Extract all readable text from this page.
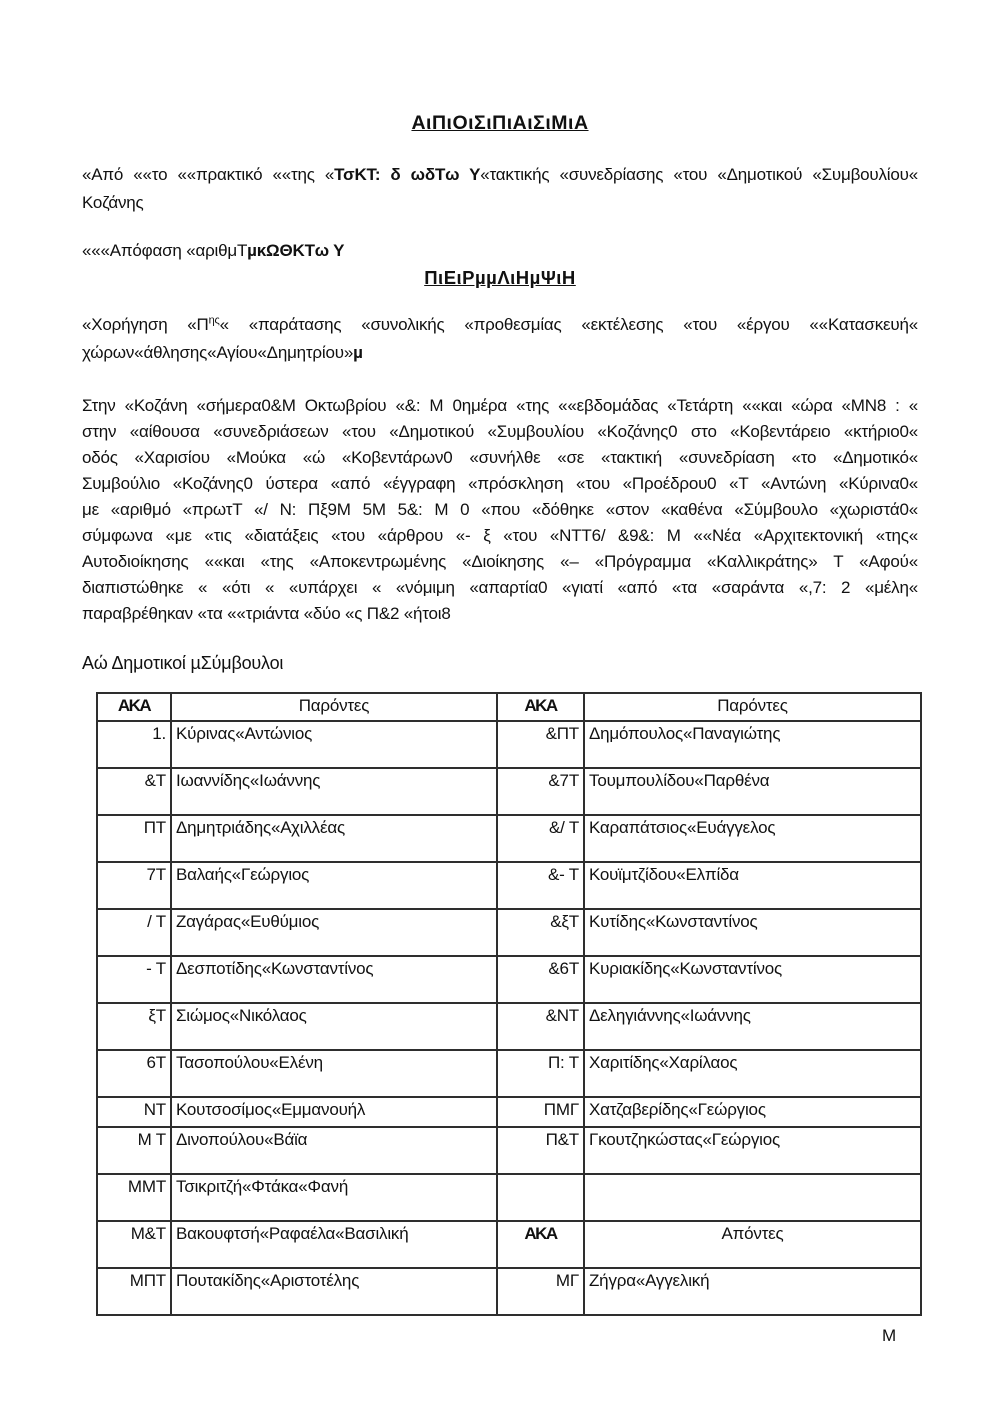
ΑιΠιΟιΣιΠιΑιΣιΜιΑ
«Από ««το ««πρακτικό ««της «ΤσΚΤ: δ ωδΤω Υ«τακτικής «συνεδρίασης «του «Δημοτικού «Συμβουλίου«
Κοζάνης
«««Απόφαση «αριθμΤµκΩΘΚΤω Υ
ΠιΕιΡµµΛιΗµΨιΗ
«Χορήγηση «$\Pi^{\eta\varsigma}«$ «παράτασης «συνολικής «προθεσμίας «εκτέλεσης «του «έργου ««Κατασκευή«
χώρων«άθλησης«Αγίου«Δημητρίου»µ
Στην «Κοζάνη «σήμερα0&Μ Οκτωβρίου «&: Μ 0ημέρα «της ««εβδομάδας «Τετάρτη ««και «ώρα «ΜΝ8 : «
στην «αίθουσα «συνεδριάσεων «του «Δημοτικού «Συμβουλίου «Κοζάνης0 στο «Κοβεντάρειο «κτήριο0«
οδός «Χαρισίου «Μούκα «ώ «Κοβεντάρων0 «συνήλθε «σε «τακτική «συνεδρίαση «το «Δημοτικό«
Συμβούλιο «Κοζάνης0 ύστερα «από «έγγραφη «πρόσκληση «του «Προέδρου0 «Τ «Αντώνη «Κύρινα0«
με «αριθμό «πρωτΤ «/ Ν: Πξ9Μ 5Μ 5&: Μ 0 «που «δόθηκε «στον «καθένα «Σύμβουλο «χωριστά0«
σύμφωνα «με «τις «διατάξεις «του «άρθρου «- ξ «του «ΝΤΤ6/ &9&: Μ ««Νέα «Αρχιτεκτονική «της«
Αυτοδιοίκησης ««και «της «Αποκεντρωμένης «Διοίκησης «– «Πρόγραμμα «Καλλικράτης» Τ «Αφού«
διαπιστώθηκε « «ότι « «υπάρχει « «νόμιμη «απαρτία0 «γιατί «από «τα «σαράντα «,7: 2 «μέλη«
παραβρέθηκαν «τα ««τριάντα «δύο «ς Π&2 «ήτοι8
Αώ Δημοτικοί µΣύμβουλοι
ΑΚΑ	Παρόντες	ΑΚΑ	Παρόντες
1.	Κύρινας«Αντώνιος	&ΠΤ	Δημόπουλος«Παναγιώτης
&Τ	Ιωαννίδης«Ιωάννης	&7Τ	Τουμπουλίδου«Παρθένα
ΠΤ	Δημητριάδης«Αχιλλέας	&/ Τ	Καραπάτσιος«Ευάγγελος
7Τ	Βαλαής«Γεώργιος	&- Τ	Κουϊμτζίδου«Ελπίδα
/ Τ	Ζαγάρας«Ευθύμιος	&ξΤ	Κυτίδης«Κωνσταντίνος
- Τ	Δεσποτίδης«Κωνσταντίνος	&6Τ	Κυριακίδης«Κωνσταντίνος
ξΤ	Σιώμος«Νικόλαος	&ΝΤ	Δεληγιάννης«Ιωάννης
6Τ	Τασοπούλου«Ελένη	Π: Τ	Χαριτίδης«Χαρίλαος
ΝΤ	Κουτσοσίμος«Εμμανουήλ	ΠΜΓ	Χατζαβερίδης«Γεώργιος
Μ Τ	Δινοπούλου«Βάϊα	Π&Τ	Γκουτζηκώστας«Γεώργιος
ΜΜΤ	Τσικριτζή«Φτάκα«Φανή		
Μ&Τ	Βακουφτσή«Ραφαέλα«Βασιλική	ΑΚΑ	Απόντες
ΜΠΤ	Πουτακίδης«Αριστοτέλης	ΜΓ	Ζήγρα«Αγγελική
Μ
